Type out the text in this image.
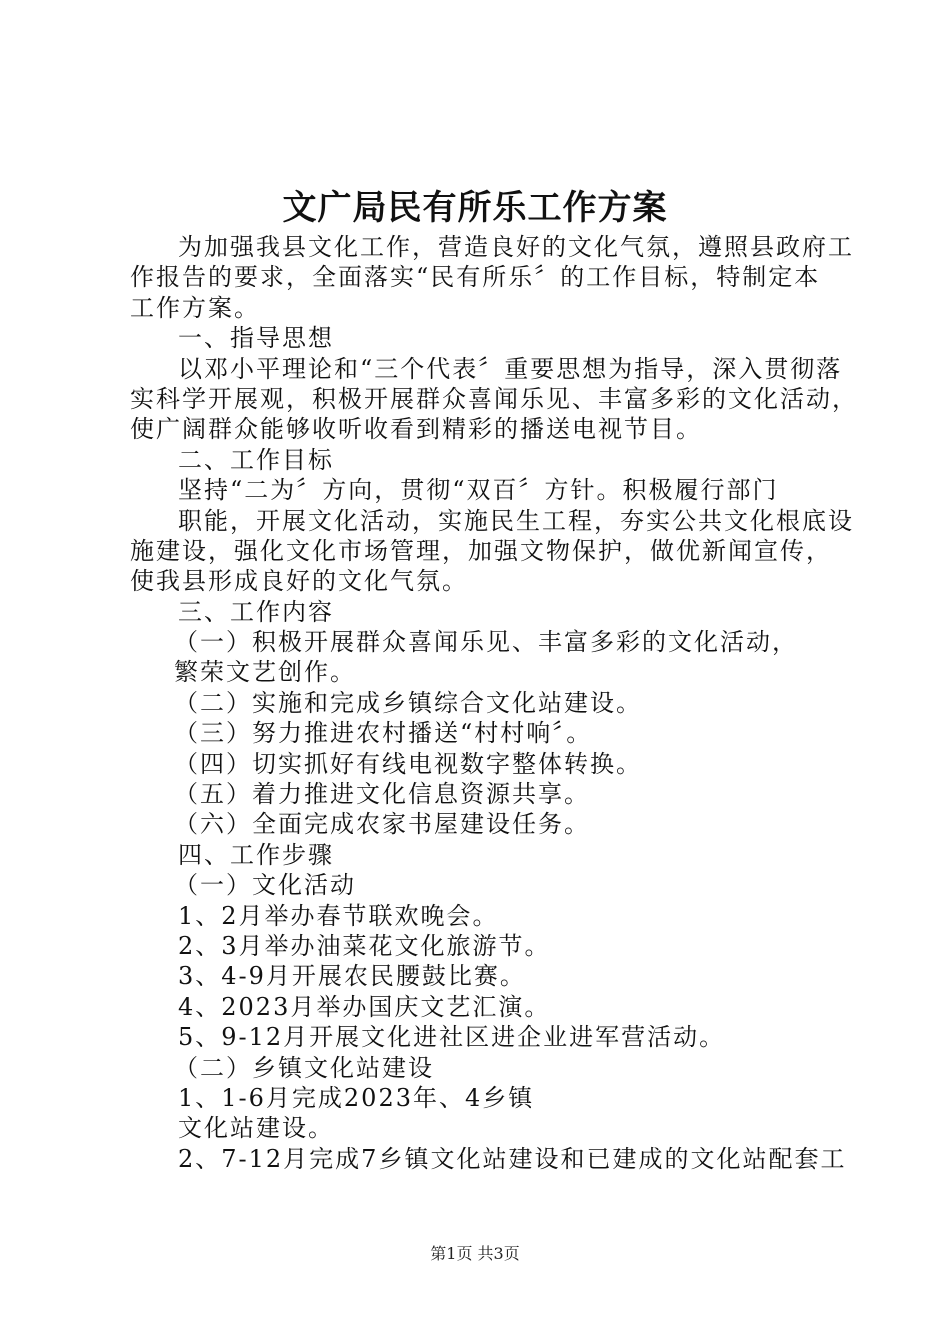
文广局民有所乐工作方案
为加强我县文化工作，营造良好的文化气氛，遵照县政府工
作报告的要求，全面落实“民有所乐〞的工作目标，特制定本
工作方案。
一、指导思想
以邓小平理论和“三个代表〞重要思想为指导，深入贯彻落
实科学开展观，积极开展群众喜闻乐见、丰富多彩的文化活动，
使广阔群众能够收听收看到精彩的播送电视节目。
二、工作目标
坚持“二为〞方向，贯彻“双百〞方针。积极履行部门
职能，开展文化活动，实施民生工程，夯实公共文化根底设
施建设，强化文化市场管理，加强文物保护，做优新闻宣传，
使我县形成良好的文化气氛。
三、工作内容
（一）积极开展群众喜闻乐见、丰富多彩的文化活动，
繁荣文艺创作。
（二）实施和完成乡镇综合文化站建设。
（三）努力推进农村播送“村村响〞。
（四）切实抓好有线电视数字整体转换。
（五）着力推进文化信息资源共享。
（六）全面完成农家书屋建设任务。
四、工作步骤
（一）文化活动
1、2月举办春节联欢晚会。
2、3月举办油菜花文化旅游节。
3、4-9月开展农民腰鼓比赛。
4、2023月举办国庆文艺汇演。
5、9-12月开展文化进社区进企业进军营活动。
（二）乡镇文化站建设
1、1-6月完成2023年、4乡镇
文化站建设。
2、7-12月完成7乡镇文化站建设和已建成的文化站配套工
第1页 共3页
